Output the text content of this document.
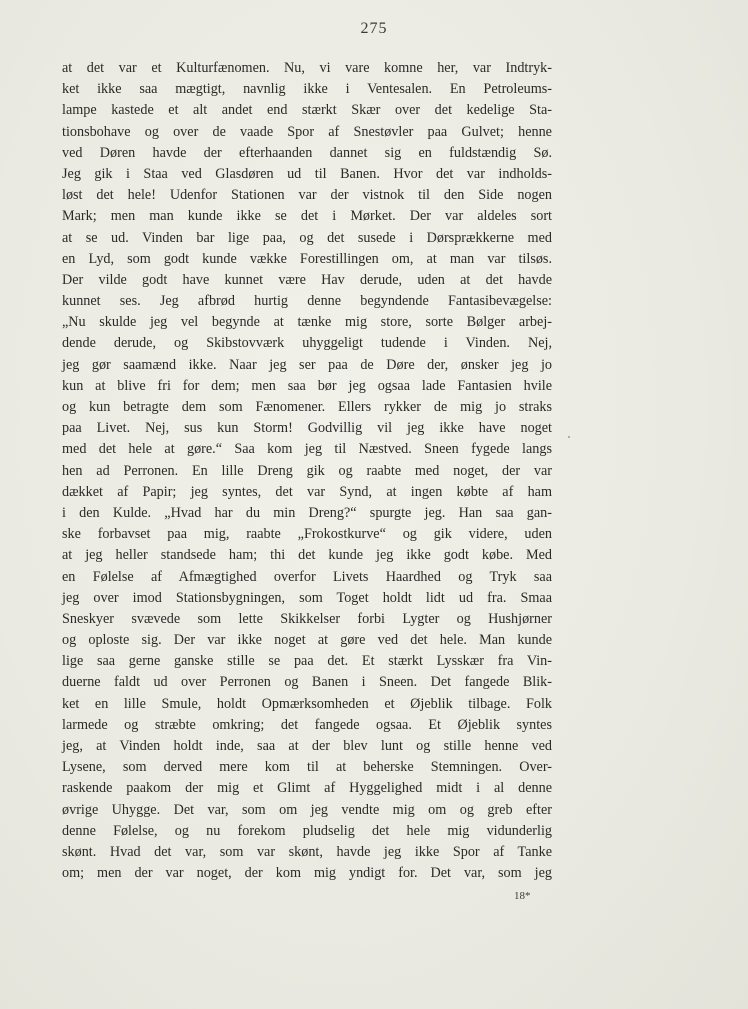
275
at det var et Kulturfænomen. Nu, vi vare komne her, var Indtryk-
ket ikke saa mægtigt, navnlig ikke i Ventesalen. En Petroleums-
lampe kastede et alt andet end stærkt Skær over det kedelige Sta-
tionsbohave og over de vaade Spor af Snestøvler paa Gulvet; henne
ved Døren havde der efterhaanden dannet sig en fuldstændig Sø.
Jeg gik i Staa ved Glasdøren ud til Banen. Hvor det var indholds-
løst det hele! Udenfor Stationen var der vistnok til den Side nogen
Mark; men man kunde ikke se det i Mørket. Der var aldeles sort
at se ud. Vinden bar lige paa, og det susede i Dørsprækkerne med
en Lyd, som godt kunde vække Forestillingen om, at man var tilsøs.
Der vilde godt have kunnet være Hav derude, uden at det havde
kunnet ses. Jeg afbrød hurtig denne begyndende Fantasibevægelse:
„Nu skulde jeg vel begynde at tænke mig store, sorte Bølger arbej-
dende derude, og Skibstovværk uhyggeligt tudende i Vinden. Nej,
jeg gør saamænd ikke. Naar jeg ser paa de Døre der, ønsker jeg jo
kun at blive fri for dem; men saa bør jeg ogsaa lade Fantasien hvile
og kun betragte dem som Fænomener. Ellers rykker de mig jo straks
paa Livet. Nej, sus kun Storm! Godvillig vil jeg ikke have noget
med det hele at gøre.“ Saa kom jeg til Næstved. Sneen fygede langs
hen ad Perronen. En lille Dreng gik og raabte med noget, der var
dækket af Papir; jeg syntes, det var Synd, at ingen købte af ham
i den Kulde. „Hvad har du min Dreng?“ spurgte jeg. Han saa gan-
ske forbavset paa mig, raabte „Frokostkurve“ og gik videre, uden
at jeg heller standsede ham; thi det kunde jeg ikke godt købe. Med
en Følelse af Afmægtighed overfor Livets Haardhed og Tryk saa
jeg over imod Stationsbygningen, som Toget holdt lidt ud fra. Smaa
Sneskyer svævede som lette Skikkelser forbi Lygter og Hushjørner
og oploste sig. Der var ikke noget at gøre ved det hele. Man kunde
lige saa gerne ganske stille se paa det. Et stærkt Lysskær fra Vin-
duerne faldt ud over Perronen og Banen i Sneen. Det fangede Blik-
ket en lille Smule, holdt Opmærksomheden et Øjeblik tilbage. Folk
larmede og stræbte omkring; det fangede ogsaa. Et Øjeblik syntes
jeg, at Vinden holdt inde, saa at der blev lunt og stille henne ved
Lysene, som derved mere kom til at beherske Stemningen. Over-
raskende paakom der mig et Glimt af Hyggelighed midt i al denne
øvrige Uhygge. Det var, som om jeg vendte mig om og greb efter
denne Følelse, og nu forekom pludselig det hele mig vidunderlig
skønt. Hvad det var, som var skønt, havde jeg ikke Spor af Tanke
om; men der var noget, der kom mig yndigt for. Det var, som jeg
18*
